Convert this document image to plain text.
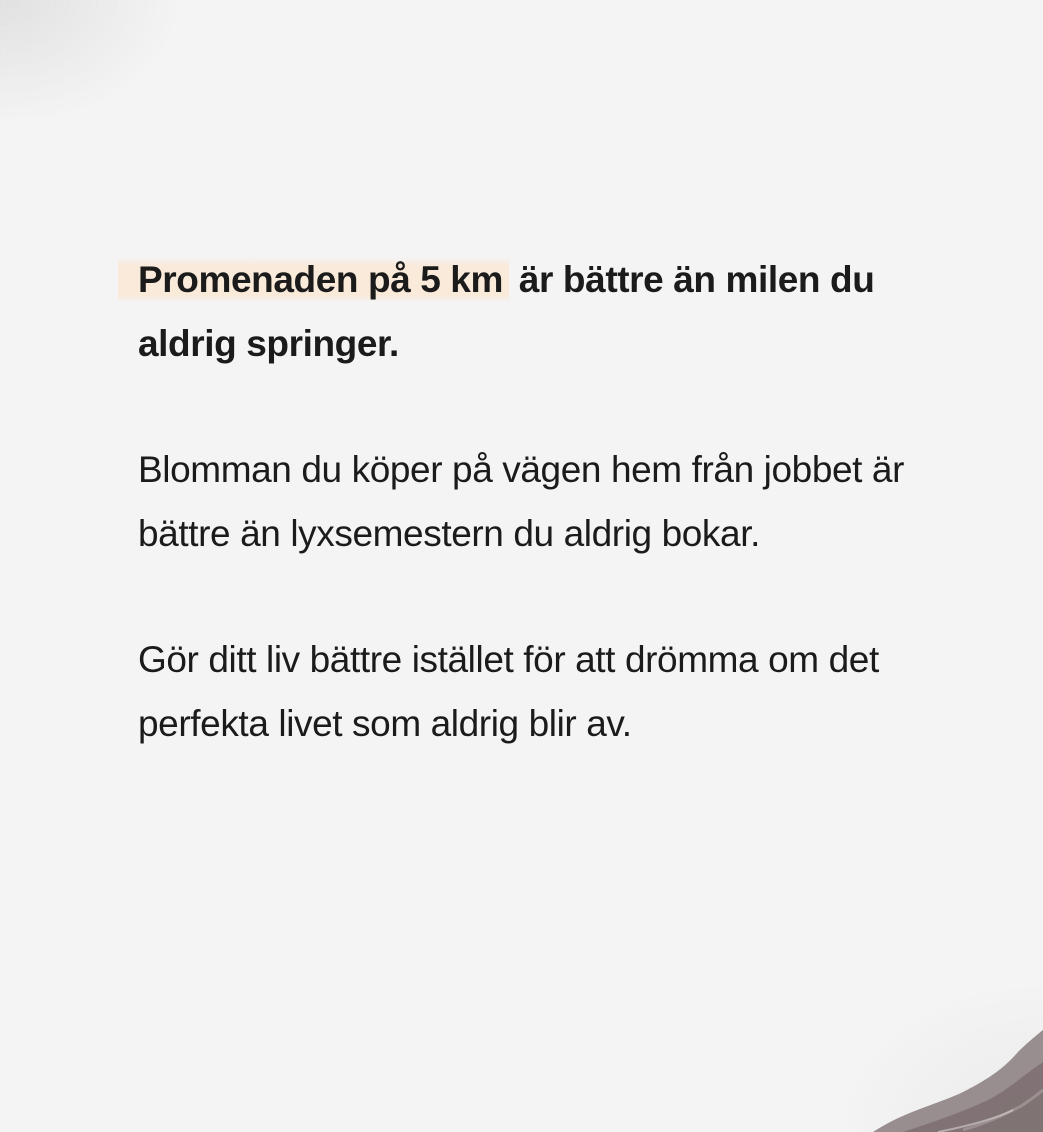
Promenaden på 5 km är bättre än milen du aldrig springer.

Blomman du köper på vägen hem från jobbet är bättre än lyxsemestern du aldrig bokar.

Gör ditt liv bättre istället för att drömma om det perfekta livet som aldrig blir av.
